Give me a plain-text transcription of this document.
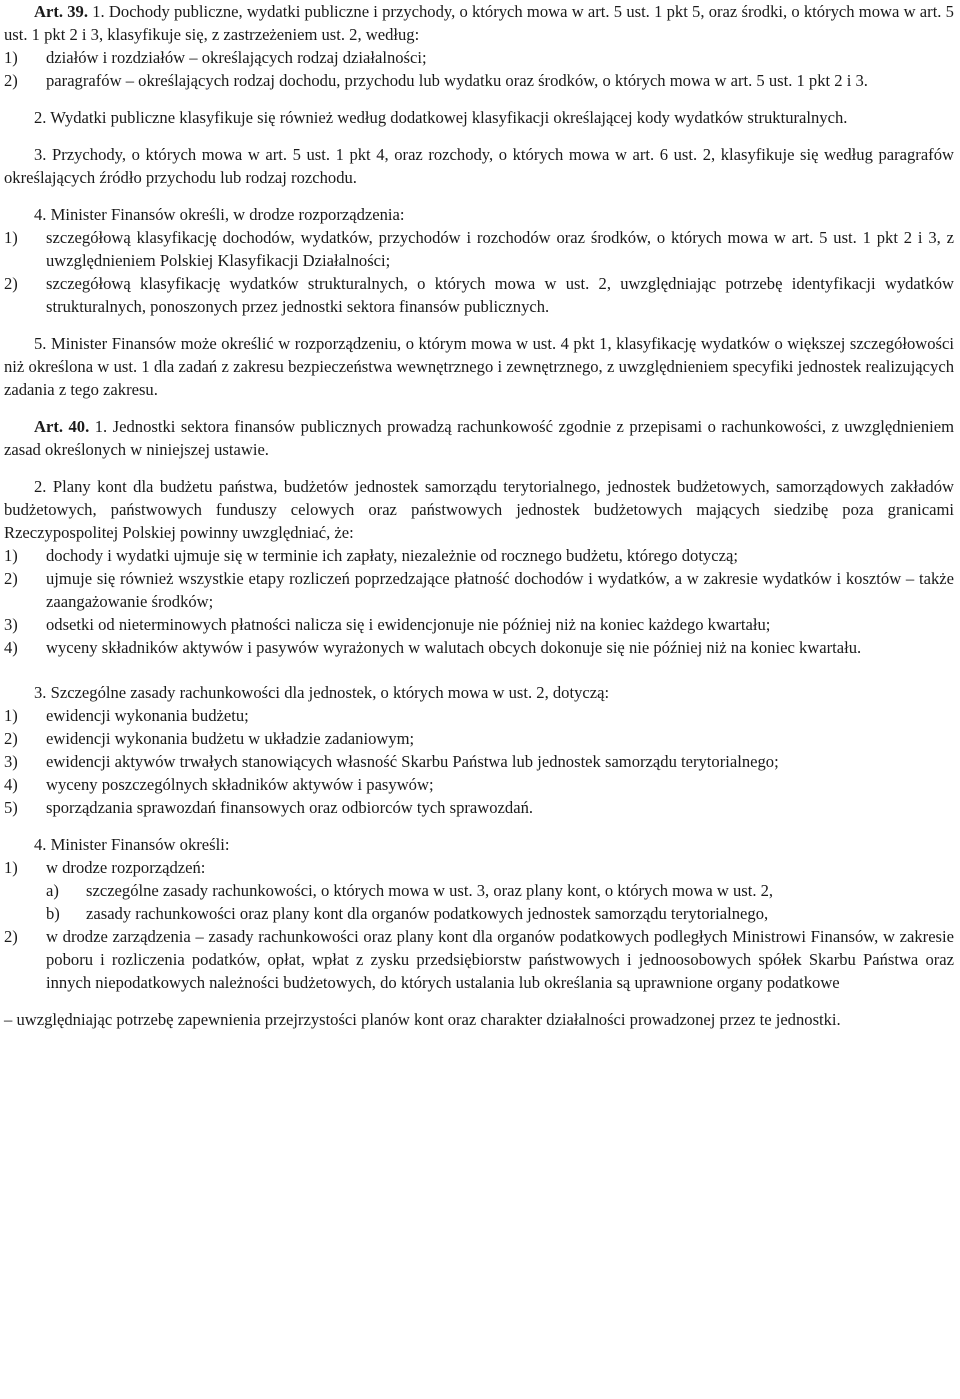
Art. 39. 1. Dochody publiczne, wydatki publiczne i przychody, o których mowa w art. 5 ust. 1 pkt 5, oraz środki, o których mowa w art. 5 ust. 1 pkt 2 i 3, klasyfikuje się, z zastrzeżeniem ust. 2, według:

1) działów i rozdziałów – określających rodzaj działalności;

2) paragrafów – określających rodzaj dochodu, przychodu lub wydatku oraz środków, o których mowa w art. 5 ust. 1 pkt 2 i 3.

2. Wydatki publiczne klasyfikuje się również według dodatkowej klasyfikacji określającej kody wydatków strukturalnych.

3. Przychody, o których mowa w art. 5 ust. 1 pkt 4, oraz rozchody, o których mowa w art. 6 ust. 2, klasyfikuje się według paragrafów określających źródło przychodu lub rodzaj rozchodu.

4. Minister Finansów określi, w drodze rozporządzenia:

1) szczegółową klasyfikację dochodów, wydatków, przychodów i rozchodów oraz środków, o których mowa w art. 5 ust. 1 pkt 2 i 3, z uwzględnieniem Polskiej Klasyfikacji Działalności;

2) szczegółową klasyfikację wydatków strukturalnych, o których mowa w ust. 2, uwzględniając potrzebę identyfikacji wydatków strukturalnych, ponoszonych przez jednostki sektora finansów publicznych.

5. Minister Finansów może określić w rozporządzeniu, o którym mowa w ust. 4 pkt 1, klasyfikację wydatków o większej szczegółowości niż określona w ust. 1 dla zadań z zakresu bezpieczeństwa wewnętrznego i zewnętrznego, z uwzględnieniem specyfiki jednostek realizujących zadania z tego zakresu.

Art. 40. 1. Jednostki sektora finansów publicznych prowadzą rachunkowość zgodnie z przepisami o rachunkowości, z uwzględnieniem zasad określonych w niniejszej ustawie.

2. Plany kont dla budżetu państwa, budżetów jednostek samorządu terytorialnego, jednostek budżetowych, samorządowych zakładów budżetowych, państwowych funduszy celowych oraz państwowych jednostek budżetowych mających siedzibę poza granicami Rzeczypospolitej Polskiej powinny uwzględniać, że:

1) dochody i wydatki ujmuje się w terminie ich zapłaty, niezależnie od rocznego budżetu, którego dotyczą;

2) ujmuje się również wszystkie etapy rozliczeń poprzedzające płatność dochodów i wydatków, a w zakresie wydatków i kosztów – także zaangażowanie środków;

3) odsetki od nieterminowych płatności nalicza się i ewidencjonuje nie później niż na koniec każdego kwartału;

4) wyceny składników aktywów i pasywów wyrażonych w walutach obcych dokonuje się nie później niż na koniec kwartału.

3. Szczególne zasady rachunkowości dla jednostek, o których mowa w ust. 2, dotyczą:

1) ewidencji wykonania budżetu;

2) ewidencji wykonania budżetu w układzie zadaniowym;

3) ewidencji aktywów trwałych stanowiących własność Skarbu Państwa lub jednostek samorządu terytorialnego;

4) wyceny poszczególnych składników aktywów i pasywów;

5) sporządzania sprawozdań finansowych oraz odbiorców tych sprawozdań.

4. Minister Finansów określi:

1) w drodze rozporządzeń:

a) szczególne zasady rachunkowości, o których mowa w ust. 3, oraz plany kont, o których mowa w ust. 2,

b) zasady rachunkowości oraz plany kont dla organów podatkowych jednostek samorządu terytorialnego,

2) w drodze zarządzenia – zasady rachunkowości oraz plany kont dla organów podatkowych podległych Ministrowi Finansów, w zakresie poboru i rozliczenia podatków, opłat, wpłat z zysku przedsiębiorstw państwowych i jednoosobowych spółek Skarbu Państwa oraz innych niepodatkowych należności budżetowych, do których ustalania lub określania są uprawnione organy podatkowe

– uwzględniając potrzebę zapewnienia przejrzystości planów kont oraz charakter działalności prowadzonej przez te jednostki.
